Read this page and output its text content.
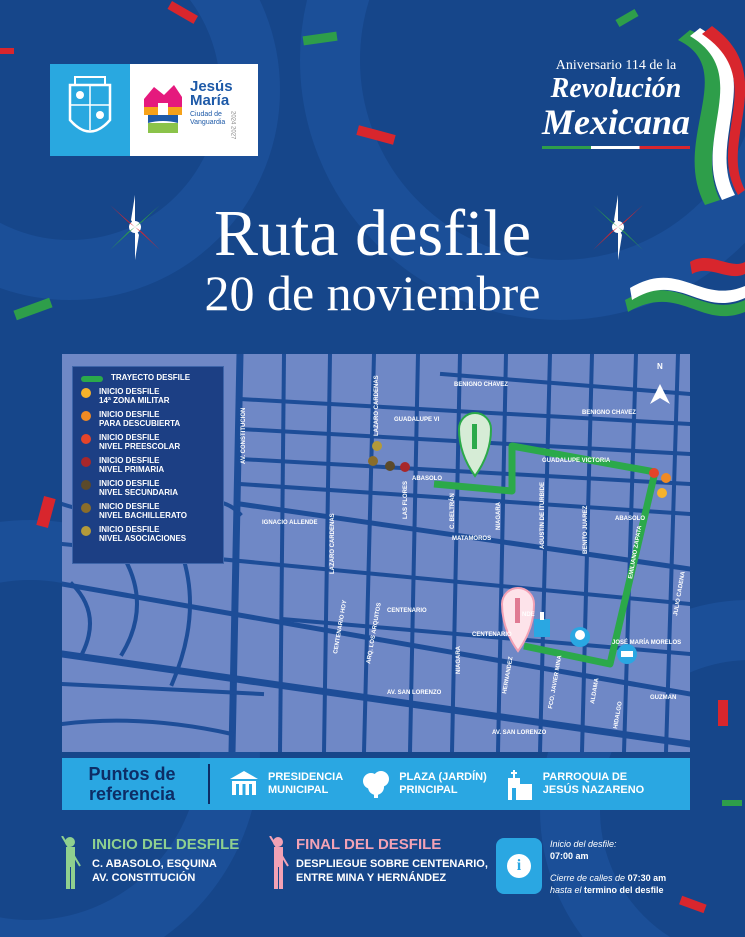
Jesús
María
Ciudad de
Vanguardia 2024 2027
Aniversario 114 de la
Revolución
Mexicana
Ruta desfile
20 de noviembre
N
BENIGNO CHAVEZ
BENIGNO CHAVEZ
GUADALUPE VI
GUADALUPE VICTORIA
ABASOLO
ABASOLO
IGNACIO ALLENDE
MATAMOROS
CENTENARIO
CENTENARIO
NDE
JOSÉ MARÍA MORELOS
GUZMAN
AV. SAN LORENZO
AV. SAN LORENZO
AV. CONSTITUCION	LAZARO CARDENAS
LAZARO CARDENAS
LAS FLORES	C. BELTRÁN	NIAGARA
NIAGARA
AGUSTIN DE ITURBIDE	BENITO JUAREZ	EMILIANO ZAPATA
JULIO CADENA
CENTENARIO HOY	ARQ. LOS ARQUITOS
HERNANDEZ	FCO. JAVIER MINA	ALDAMA
HIDALGO
TRAYECTO DESFILE
INICIO DESFILE
14ª ZONA MILITAR
INICIO DESFILE
PARA DESCUBIERTA
INICIO DESFILE
NIVEL PREESCOLAR
INICIO DESFILE
NIVEL PRIMARIA
INICIO DESFILE
NIVEL SECUNDARIA
INICIO DESFILE
NIVEL BACHILLERATO
INICIO DESFILE
NIVEL ASOCIACIONES
Puntos de
referencia
PRESIDENCIA
MUNICIPAL
PLAZA (JARDÍN)
PRINCIPAL
PARROQUIA DE
JESÚS NAZARENO
INICIO DEL DESFILE
C. ABASOLO, ESQUINA
AV. CONSTITUCIÓN
FINAL DEL DESFILE
DESPLIEGUE SOBRE CENTENARIO,
ENTRE MINA Y HERNÁNDEZ
i
Inicio del desfile:
07:00 am
Cierre de calles de 07:30 am
hasta el termino del desfile
